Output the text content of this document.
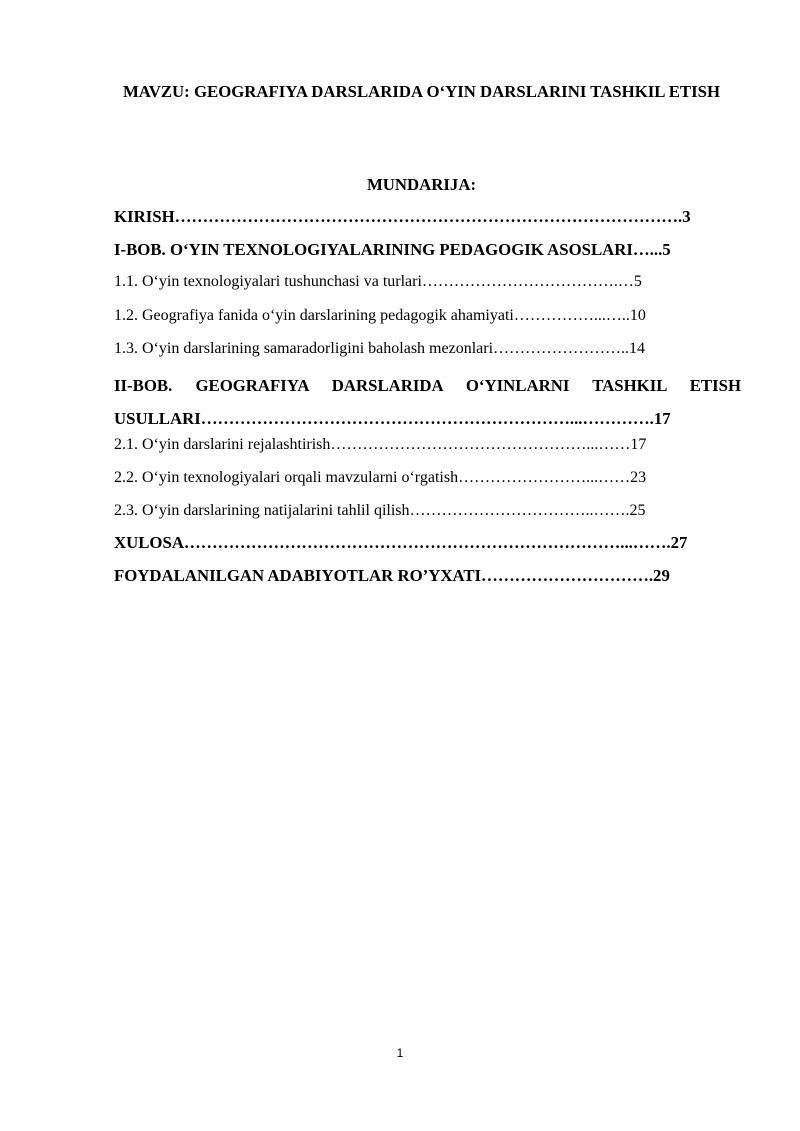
MAVZU: GEOGRAFIYA DARSLARIDA O‘YIN DARSLARINI TASHKIL ETISH
MUNDARIJA:
KIRISH……………………………………………………………………………….3
I-BOB. O‘YIN TEXNOLOGIYALARINING PEDAGOGIK ASOSLARI…...5
1.1. O‘yin texnologiyalari tushunchasi va turlari……………………………….…5
1.2. Geografiya fanida o‘yin darslarining pedagogik ahamiyati……………...…..10
1.3. O‘yin darslarining samaradorligini baholash mezonlari……………………..14
II-BOB. GEOGRAFIYA DARSLARIDA O‘YINLARNI TASHKIL ETISH USULLARI…………………………………………………………...………….17
2.1. O‘yin darslarini rejalashtirish…………………………………………...……17
2.2. O‘yin texnologiyalari orqali mavzularni o‘rgatish……………………...……23
2.3. O‘yin darslarining natijalarini tahlil qilish……………………………..…….25
XULOSA……………………………………………………………………...…….27
FOYDALANILGAN ADABIYOTLAR RO’YXATI………………………….29
1
